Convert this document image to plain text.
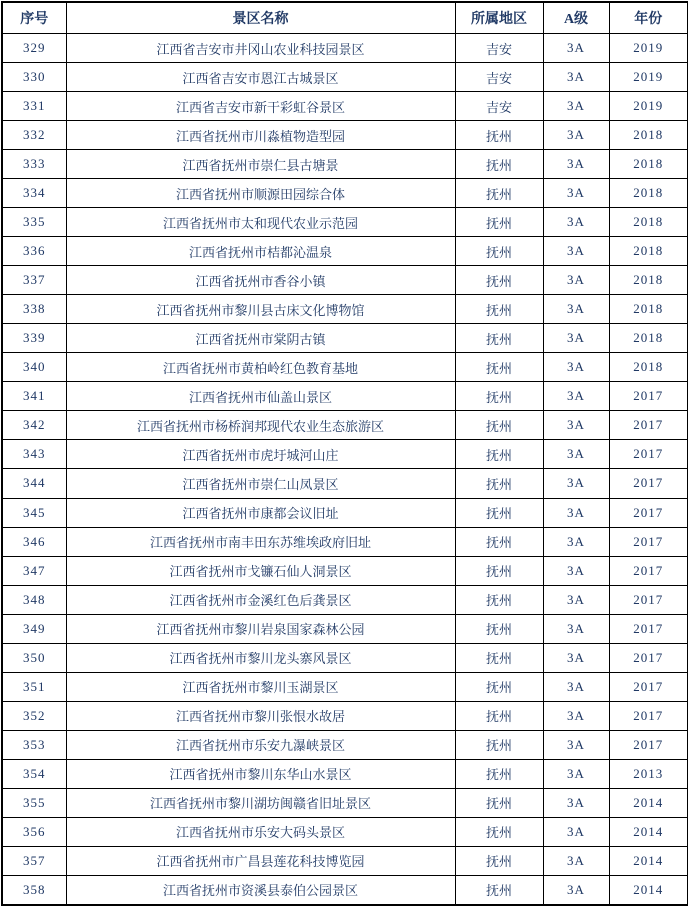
序号	景区名称	所属地区	A级	年份
329	江西省吉安市井冈山农业科技园景区	吉安	3A	2019
330	江西省吉安市恩江古城景区	吉安	3A	2019
331	江西省吉安市新干彩虹谷景区	吉安	3A	2019
332	江西省抚州市川淼植物造型园	抚州	3A	2018
333	江西省抚州市崇仁县古塘景	抚州	3A	2018
334	江西省抚州市顺源田园综合体	抚州	3A	2018
335	江西省抚州市太和现代农业示范园	抚州	3A	2018
336	江西省抚州市桔都沁温泉	抚州	3A	2018
337	江西省抚州市香谷小镇	抚州	3A	2018
338	江西省抚州市黎川县古床文化博物馆	抚州	3A	2018
339	江西省抚州市棠阴古镇	抚州	3A	2018
340	江西省抚州市黄柏岭红色教育基地	抚州	3A	2018
341	江西省抚州市仙盖山景区	抚州	3A	2017
342	江西省抚州市杨桥润邦现代农业生态旅游区	抚州	3A	2017
343	江西省抚州市虎圩城河山庄	抚州	3A	2017
344	江西省抚州市崇仁山凤景区	抚州	3A	2017
345	江西省抚州市康都会议旧址	抚州	3A	2017
346	江西省抚州市南丰田东苏维埃政府旧址	抚州	3A	2017
347	江西省抚州市戈镰石仙人洞景区	抚州	3A	2017
348	江西省抚州市金溪红色后龚景区	抚州	3A	2017
349	江西省抚州市黎川岩泉国家森林公园	抚州	3A	2017
350	江西省抚州市黎川龙头寨风景区	抚州	3A	2017
351	江西省抚州市黎川玉湖景区	抚州	3A	2017
352	江西省抚州市黎川张恨水故居	抚州	3A	2017
353	江西省抚州市乐安九瀑峡景区	抚州	3A	2017
354	江西省抚州市黎川东华山水景区	抚州	3A	2013
355	江西省抚州市黎川湖坊闽赣省旧址景区	抚州	3A	2014
356	江西省抚州市乐安大码头景区	抚州	3A	2014
357	江西省抚州市广昌县莲花科技博览园	抚州	3A	2014
358	江西省抚州市资溪县泰伯公园景区	抚州	3A	2014
